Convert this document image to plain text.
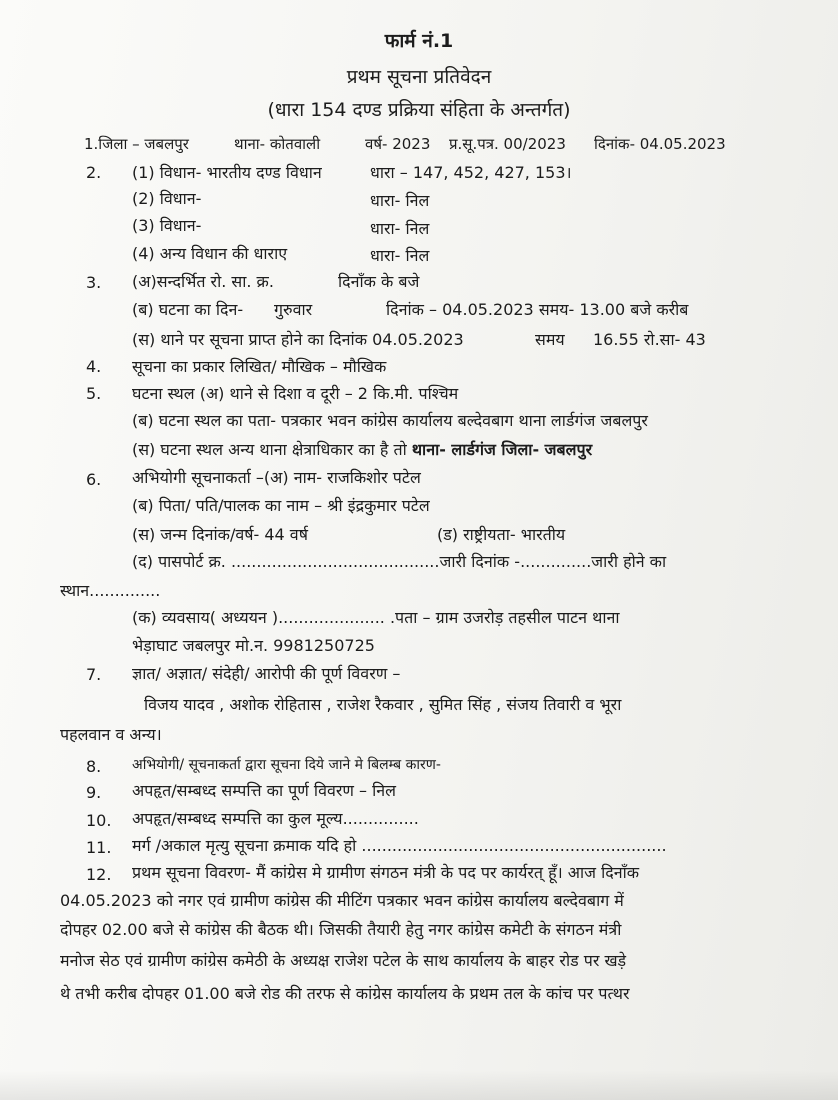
फार्म नं.1
प्रथम सूचना प्रतिवेदन
(धारा 154 दण्ड प्रक्रिया संहिता के अन्तर्गत)
1.जिला – जबलपुर	थाना- कोतवाली	वर्ष- 2023 प्र.सू.पत्र. 00/2023 दिनांक- 04.05.2023
2. (1) विधान- भारतीय दण्ड विधान	धारा – 147, 452, 427, 153।
(2) विधान-	धारा- निल
(3) विधान-	धारा- निल
(4) अन्य विधान की धाराए	धारा- निल
3. (अ)सन्दर्भित रो. सा. क्र.	दिनाँक के बजे
(ब) घटना का दिन- गुरुवार	दिनांक – 04.05.2023 समय- 13.00 बजे करीब
(स) थाने पर सूचना प्राप्त होने का दिनांक 04.05.2023	समय 16.55 रो.सा- 43
4. सूचना का प्रकार लिखित/ मौखिक – मौखिक
5. घटना स्थल (अ) थाने से दिशा व दूरी – 2 कि.मी. पश्चिम
(ब) घटना स्थल का पता- पत्रकार भवन कांग्रेस कार्यालय बल्देवबाग थाना लार्डगंज जबलपुर
(स) घटना स्थल अन्य थाना क्षेत्राधिकार का है तो थाना- लार्डगंज जिला- जबलपुर
6. अभियोगी सूचनाकर्ता –(अ) नाम- राजकिशोर पटेल
(ब) पिता/ पति/पालक का नाम – श्री इंद्रकुमार पटेल
(स) जन्म दिनांक/वर्ष- 44 वर्ष	(ड) राष्ट्रीयता- भारतीय
(द) पासपोर्ट क्र. .........................................जारी दिनांक -..............जारी होने का
स्थान..............
(क) व्यवसाय( अध्ययन )..................... .पता – ग्राम उजरोड़ तहसील पाटन थाना
भेड़ाघाट जबलपुर मो.न. 9981250725
7. ज्ञात/ अज्ञात/ संदेही/ आरोपी की पूर्ण विवरण –
विजय यादव , अशोक रोहितास , राजेश रैकवार , सुमित सिंह , संजय तिवारी व भूरा
पहलवान व अन्य।
8. अभियोगी/ सूचनाकर्ता द्वारा सूचना दिये जाने मे बिलम्ब कारण-
9. अपहृत/सम्बध्द सम्पत्ति का पूर्ण विवरण – निल
10. अपहृत/सम्बध्द सम्पत्ति का कुल मूल्य...............
11. मर्ग /अकाल मृत्यु सूचना क्रमाक यदि हो ............................................................
12. प्रथम सूचना विवरण- मैं कांग्रेस मे ग्रामीण संगठन मंत्री के पद पर कार्यरत् हूँ। आज दिनाँक
04.05.2023 को नगर एवं ग्रामीण कांग्रेस की मीटिंग पत्रकार भवन कांग्रेस कार्यालय बल्देवबाग में
दोपहर 02.00 बजे से कांग्रेस की बैठक थी। जिसकी तैयारी हेतु नगर कांग्रेस कमेटी के संगठन मंत्री
मनोज सेठ एवं ग्रामीण कांग्रेस कमेठी के अध्यक्ष राजेश पटेल के साथ कार्यालय के बाहर रोड पर खड़े
थे तभी करीब दोपहर 01.00 बजे रोड की तरफ से कांग्रेस कार्यालय के प्रथम तल के कांच पर पत्थर
